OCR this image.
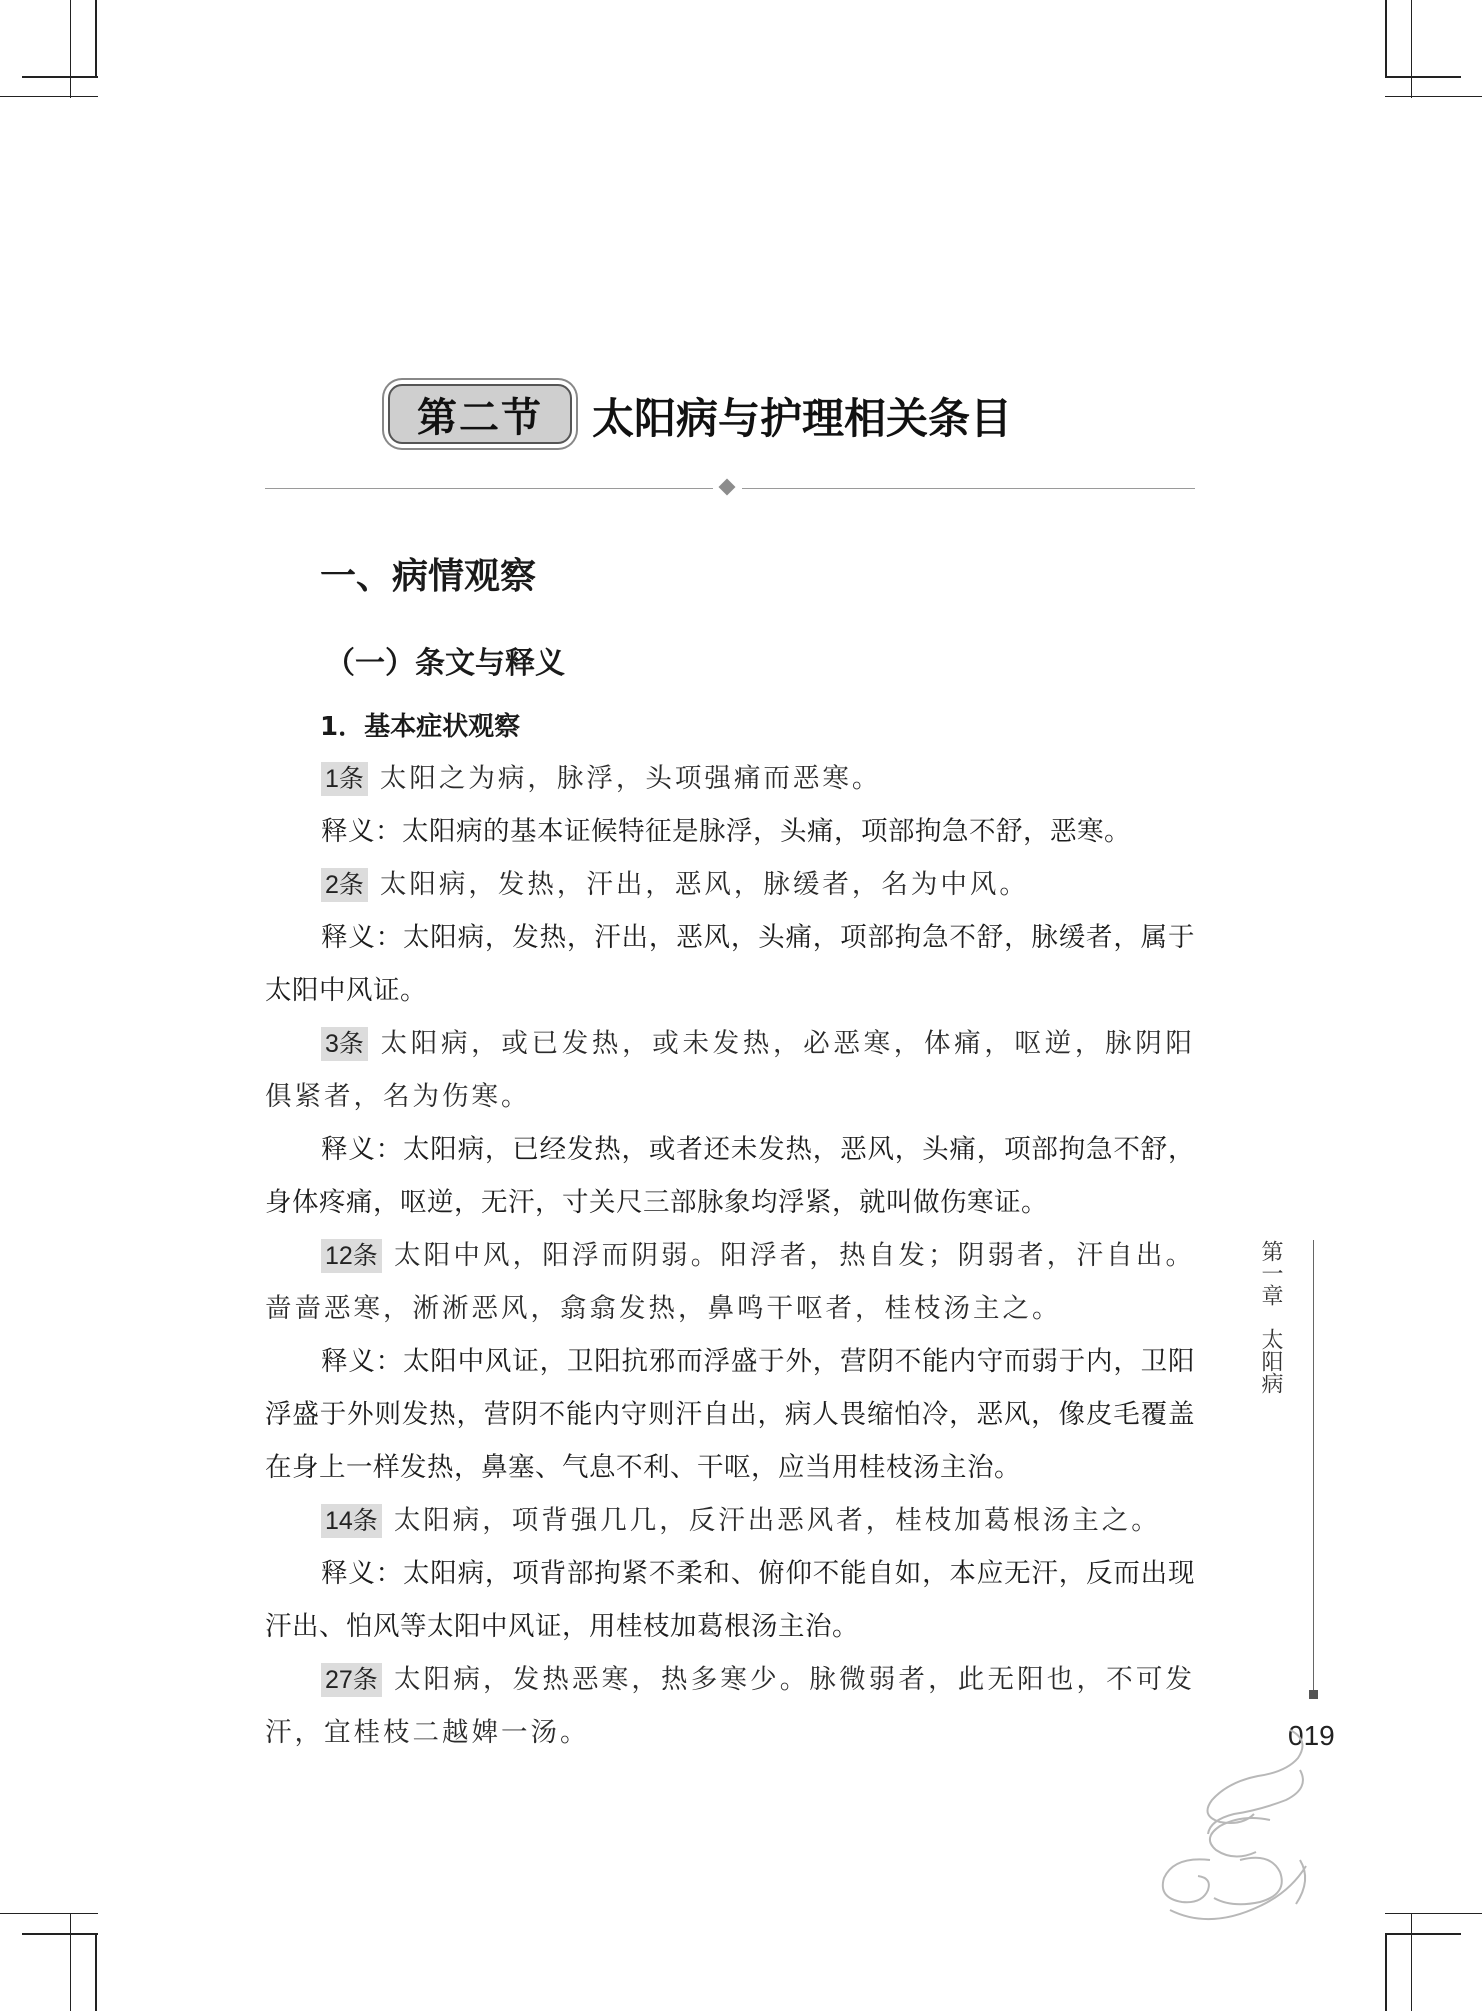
第二节	太阳病与护理相关条目
一、病情观察
（一）条文与释义
1．基本症状观察

1条 太阳之为病，脉浮，头项强痛而恶寒。

释义：太阳病的基本证候特征是脉浮，头痛，项部拘急不舒，恶寒。

2条 太阳病，发热，汗出，恶风，脉缓者，名为中风。

释义：太阳病，发热，汗出，恶风，头痛，项部拘急不舒，脉缓者，属于太阳中风证。

3条 太阳病，或已发热，或未发热，必恶寒，体痛，呕逆，脉阴阳俱紧者，名为伤寒。

释义：太阳病，已经发热，或者还未发热，恶风，头痛，项部拘急不舒，身体疼痛，呕逆，无汗，寸关尺三部脉象均浮紧，就叫做伤寒证。

12条 太阳中风，阳浮而阴弱。阳浮者，热自发；阴弱者，汗自出。啬啬恶寒，淅淅恶风，翕翕发热，鼻鸣干呕者，桂枝汤主之。

释义：太阳中风证，卫阳抗邪而浮盛于外，营阴不能内守而弱于内，卫阳浮盛于外则发热，营阴不能内守则汗自出，病人畏缩怕冷，恶风，像皮毛覆盖在身上一样发热，鼻塞、气息不利、干呕，应当用桂枝汤主治。

14条 太阳病，项背强几几，反汗出恶风者，桂枝加葛根汤主之。

释义：太阳病，项背部拘紧不柔和、俯仰不能自如，本应无汗，反而出现汗出、怕风等太阳中风证，用桂枝加葛根汤主治。

27条 太阳病，发热恶寒，热多寒少。脉微弱者，此无阳也，不可发汗，宜桂枝二越婢一汤。

第一章
太阳病
019
